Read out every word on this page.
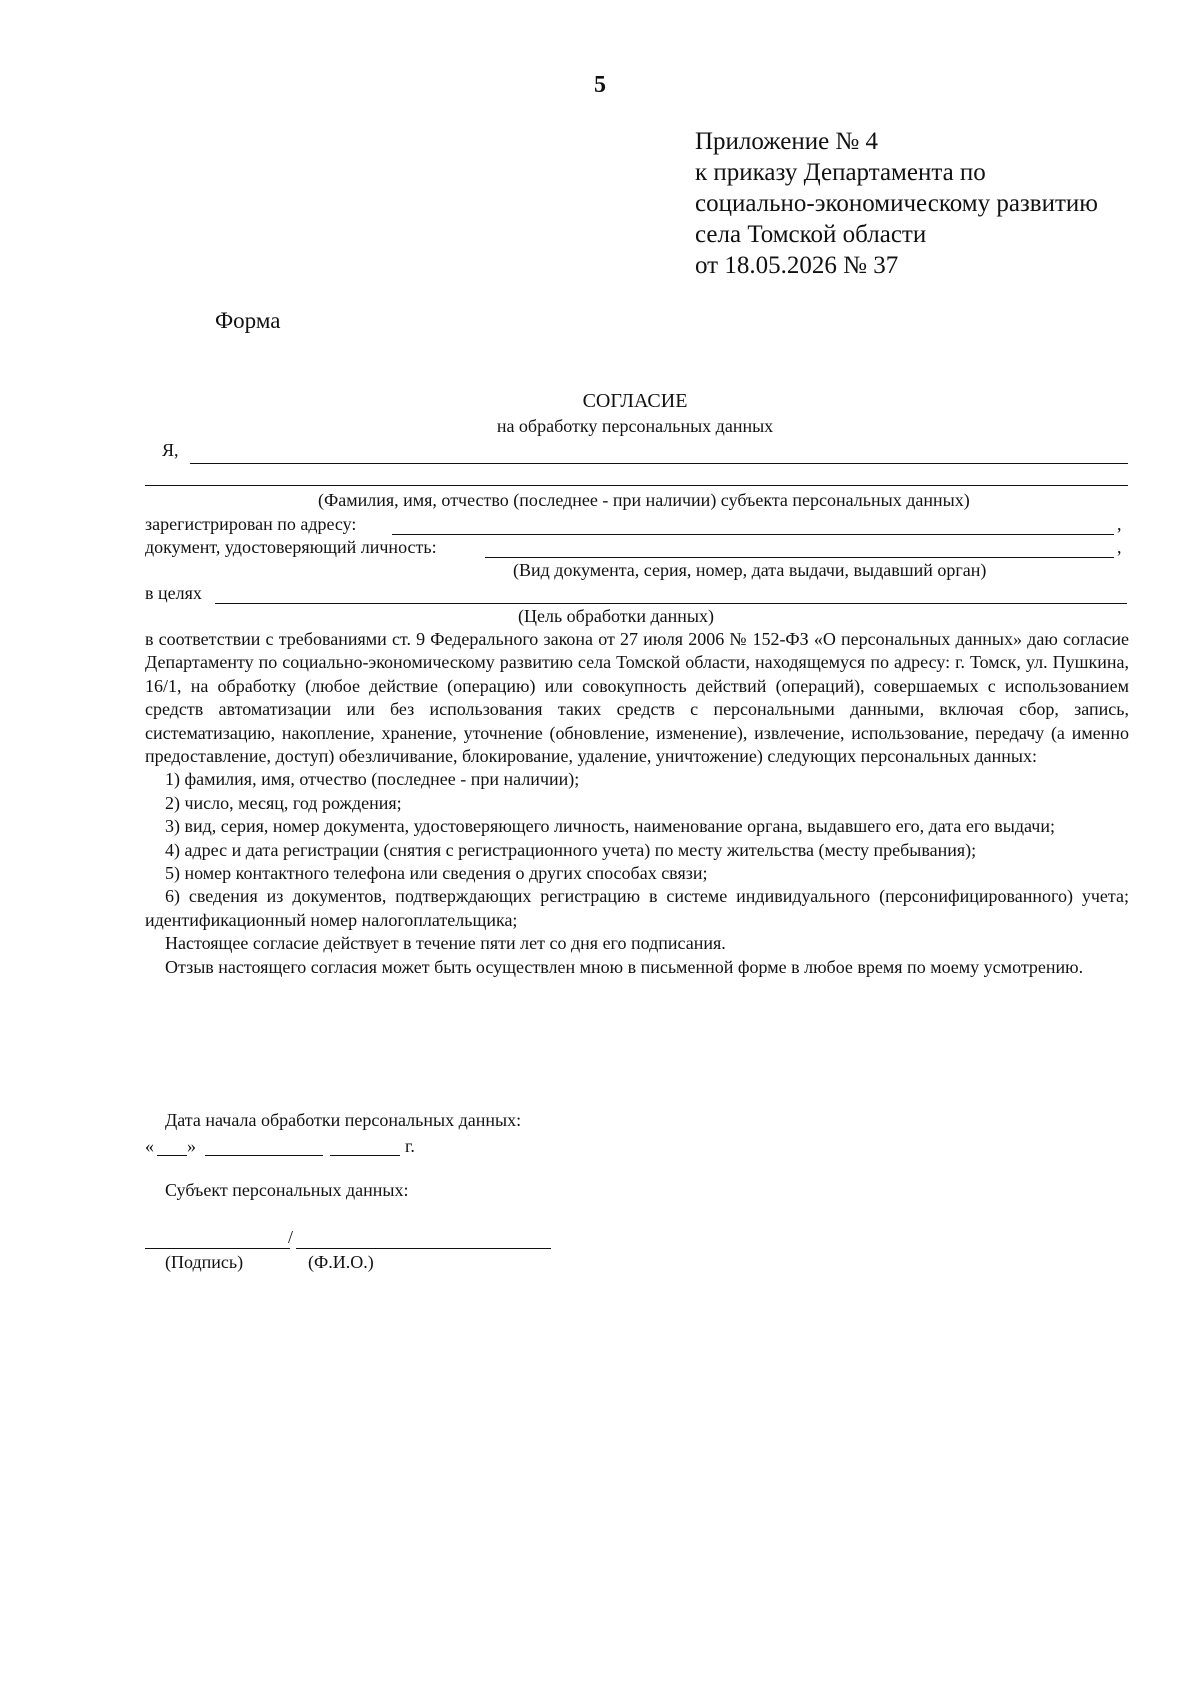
5
Приложение № 4
к приказу Департамента по
социально-экономическому развитию
села Томской области
от 18.05.2026 № 37
Форма
СОГЛАСИЕ
на обработку персональных данных
Я,
(Фамилия, имя, отчество (последнее - при наличии) субъекта персональных данных)
зарегистрирован по адресу:	,
документ, удостоверяющий личность:	,
(Вид документа, серия, номер, дата выдачи, выдавший орган)
в целях
(Цель обработки данных)

в соответствии с требованиями ст. 9 Федерального закона от 27 июля 2006 № 152-ФЗ «О персональных данных» даю согласие Департаменту по социально-экономическому развитию села Томской области, находящемуся по адресу: г. Томск, ул. Пушкина, 16/1, на обработку (любое действие (операцию) или совокупность действий (операций), совершаемых с использованием средств автоматизации или без использования таких средств с персональными данными, включая сбор, запись, систематизацию, накопление, хранение, уточнение (обновление, изменение), извлечение, использование, передачу (а именно предоставление, доступ) обезличивание, блокирование, удаление, уничтожение) следующих персональных данных:

1) фамилия, имя, отчество (последнее - при наличии);

2) число, месяц, год рождения;

3) вид, серия, номер документа, удостоверяющего личность, наименование органа, выдавшего его, дата его выдачи;

4) адрес и дата регистрации (снятия с регистрационного учета) по месту жительства (месту пребывания);

5) номер контактного телефона или сведения о других способах связи;

6) сведения из документов, подтверждающих регистрацию в системе индивидуального (персонифицированного) учета; идентификационный номер налогоплательщика;

Настоящее согласие действует в течение пяти лет со дня его подписания.

Отзыв настоящего согласия может быть осуществлен мною в письменной форме в любое время по моему усмотрению.

Дата начала обработки персональных данных:
« »	г.
Субъект персональных данных:
/
(Подпись)	(Ф.И.О.)
